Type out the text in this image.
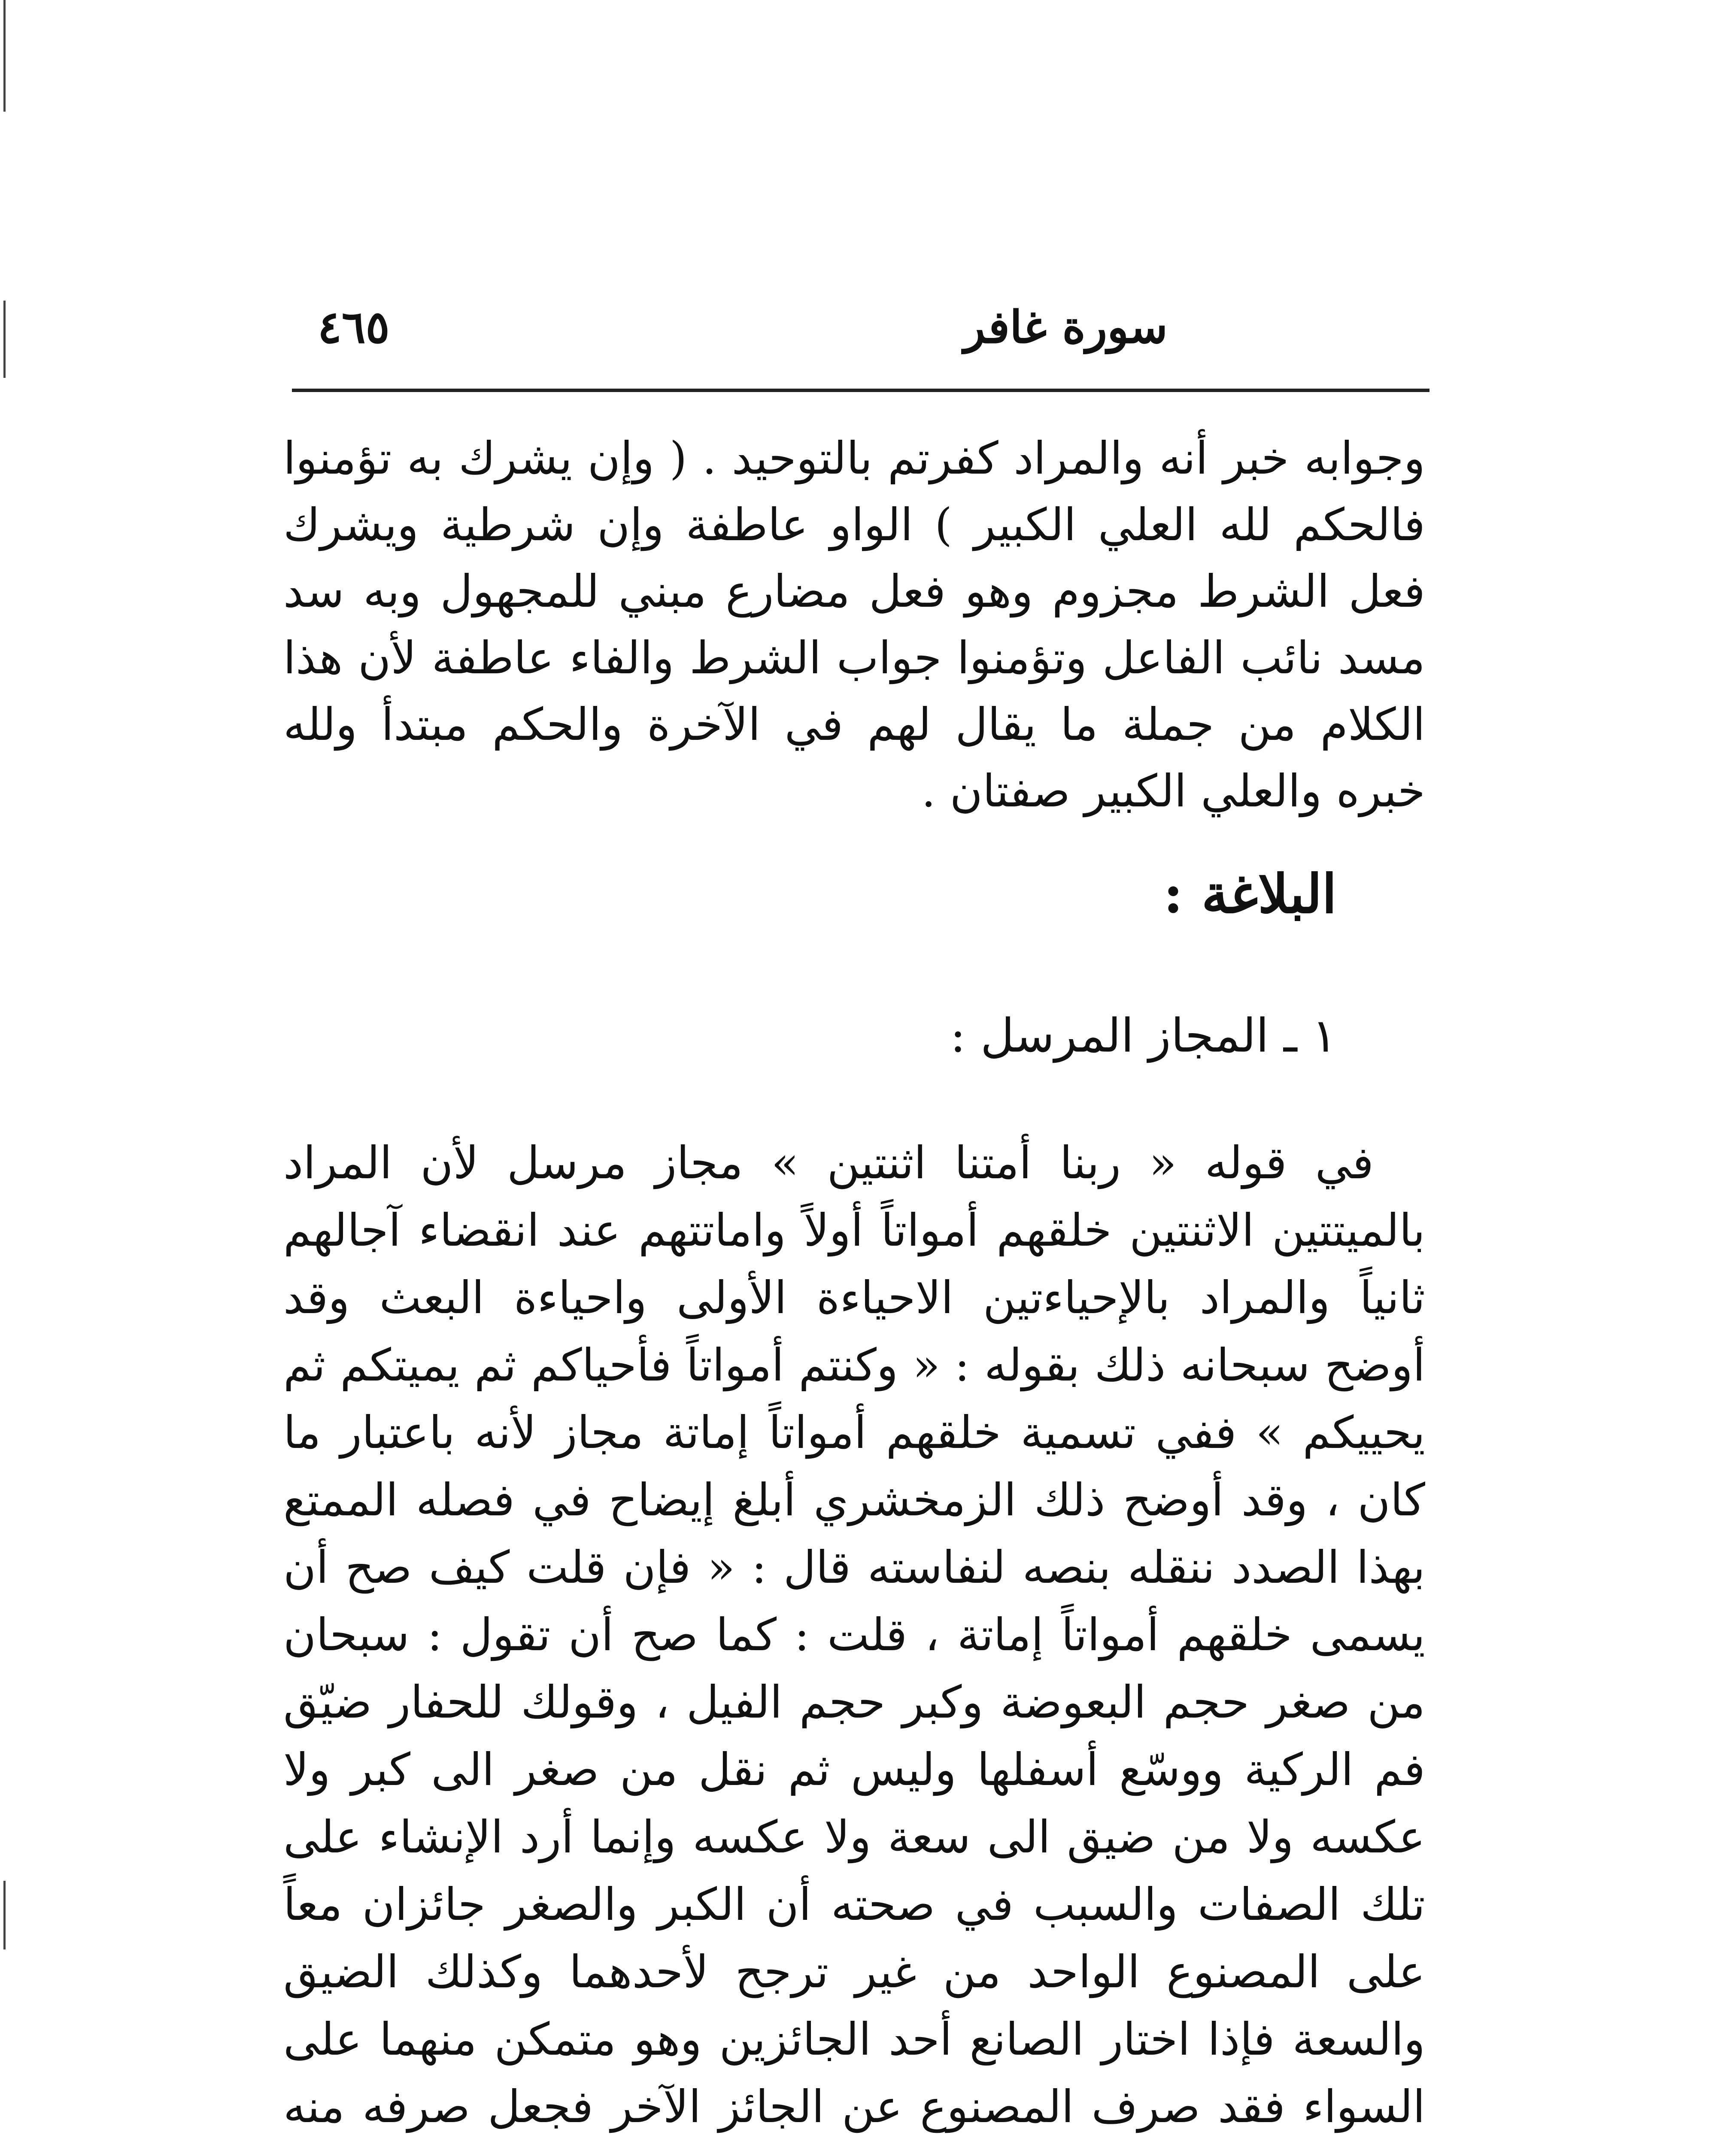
سورة غافر
٤٦٥

وجوابه خبر أنه والمراد كفرتم بالتوحيد . ( وإن يشرك به تؤمنوا فالحكم لله العلي الكبير ) الواو عاطفة وإن شرطية ويشرك فعل الشرط مجزوم وهو فعل مضارع مبني للمجهول وبه سد مسد نائب الفاعل وتؤمنوا جواب الشرط والفاء عاطفة لأن هذا الكلام من جملة ما يقال لهم في الآخرة والحكم مبتدأ ولله خبره والعلي الكبير صفتان .

البلاغة :
١ ـ المجاز المرسل :

في قوله « ربنا أمتنا اثنتين » مجاز مرسل لأن المراد بالميتتين الاثنتين خلقهم أمواتاً أولاً واماتتهم عند انقضاء آجالهم ثانياً والمراد بالإحياءتين الاحياءة الأولى واحياءة البعث وقد أوضح سبحانه ذلك بقوله : « وكنتم أمواتاً فأحياكم ثم يميتكم ثم يحييكم » ففي تسمية خلقهم أمواتاً إماتة مجاز لأنه باعتبار ما كان ، وقد أوضح ذلك الزمخشري أبلغ إيضاح في فصله الممتع بهذا الصدد ننقله بنصه لنفاسته قال : « فإن قلت كيف صح أن يسمى خلقهم أمواتاً إماتة ، قلت : كما صح أن تقول : سبحان من صغر حجم البعوضة وكبر حجم الفيل ، وقولك للحفار ضيّق فم الركية ووسّع أسفلها وليس ثم نقل من صغر الى كبر ولا عكسه ولا من ضيق الى سعة ولا عكسه وإنما أرد الإنشاء على تلك الصفات والسبب في صحته أن الكبر والصغر جائزان معاً على المصنوع الواحد من غير ترجح لأحدهما وكذلك الضيق والسعة فإذا اختار الصانع أحد الجائزين وهو متمكن منهما على السواء فقد صرف المصنوع عن الجائز الآخر فجعل صرفه منه
